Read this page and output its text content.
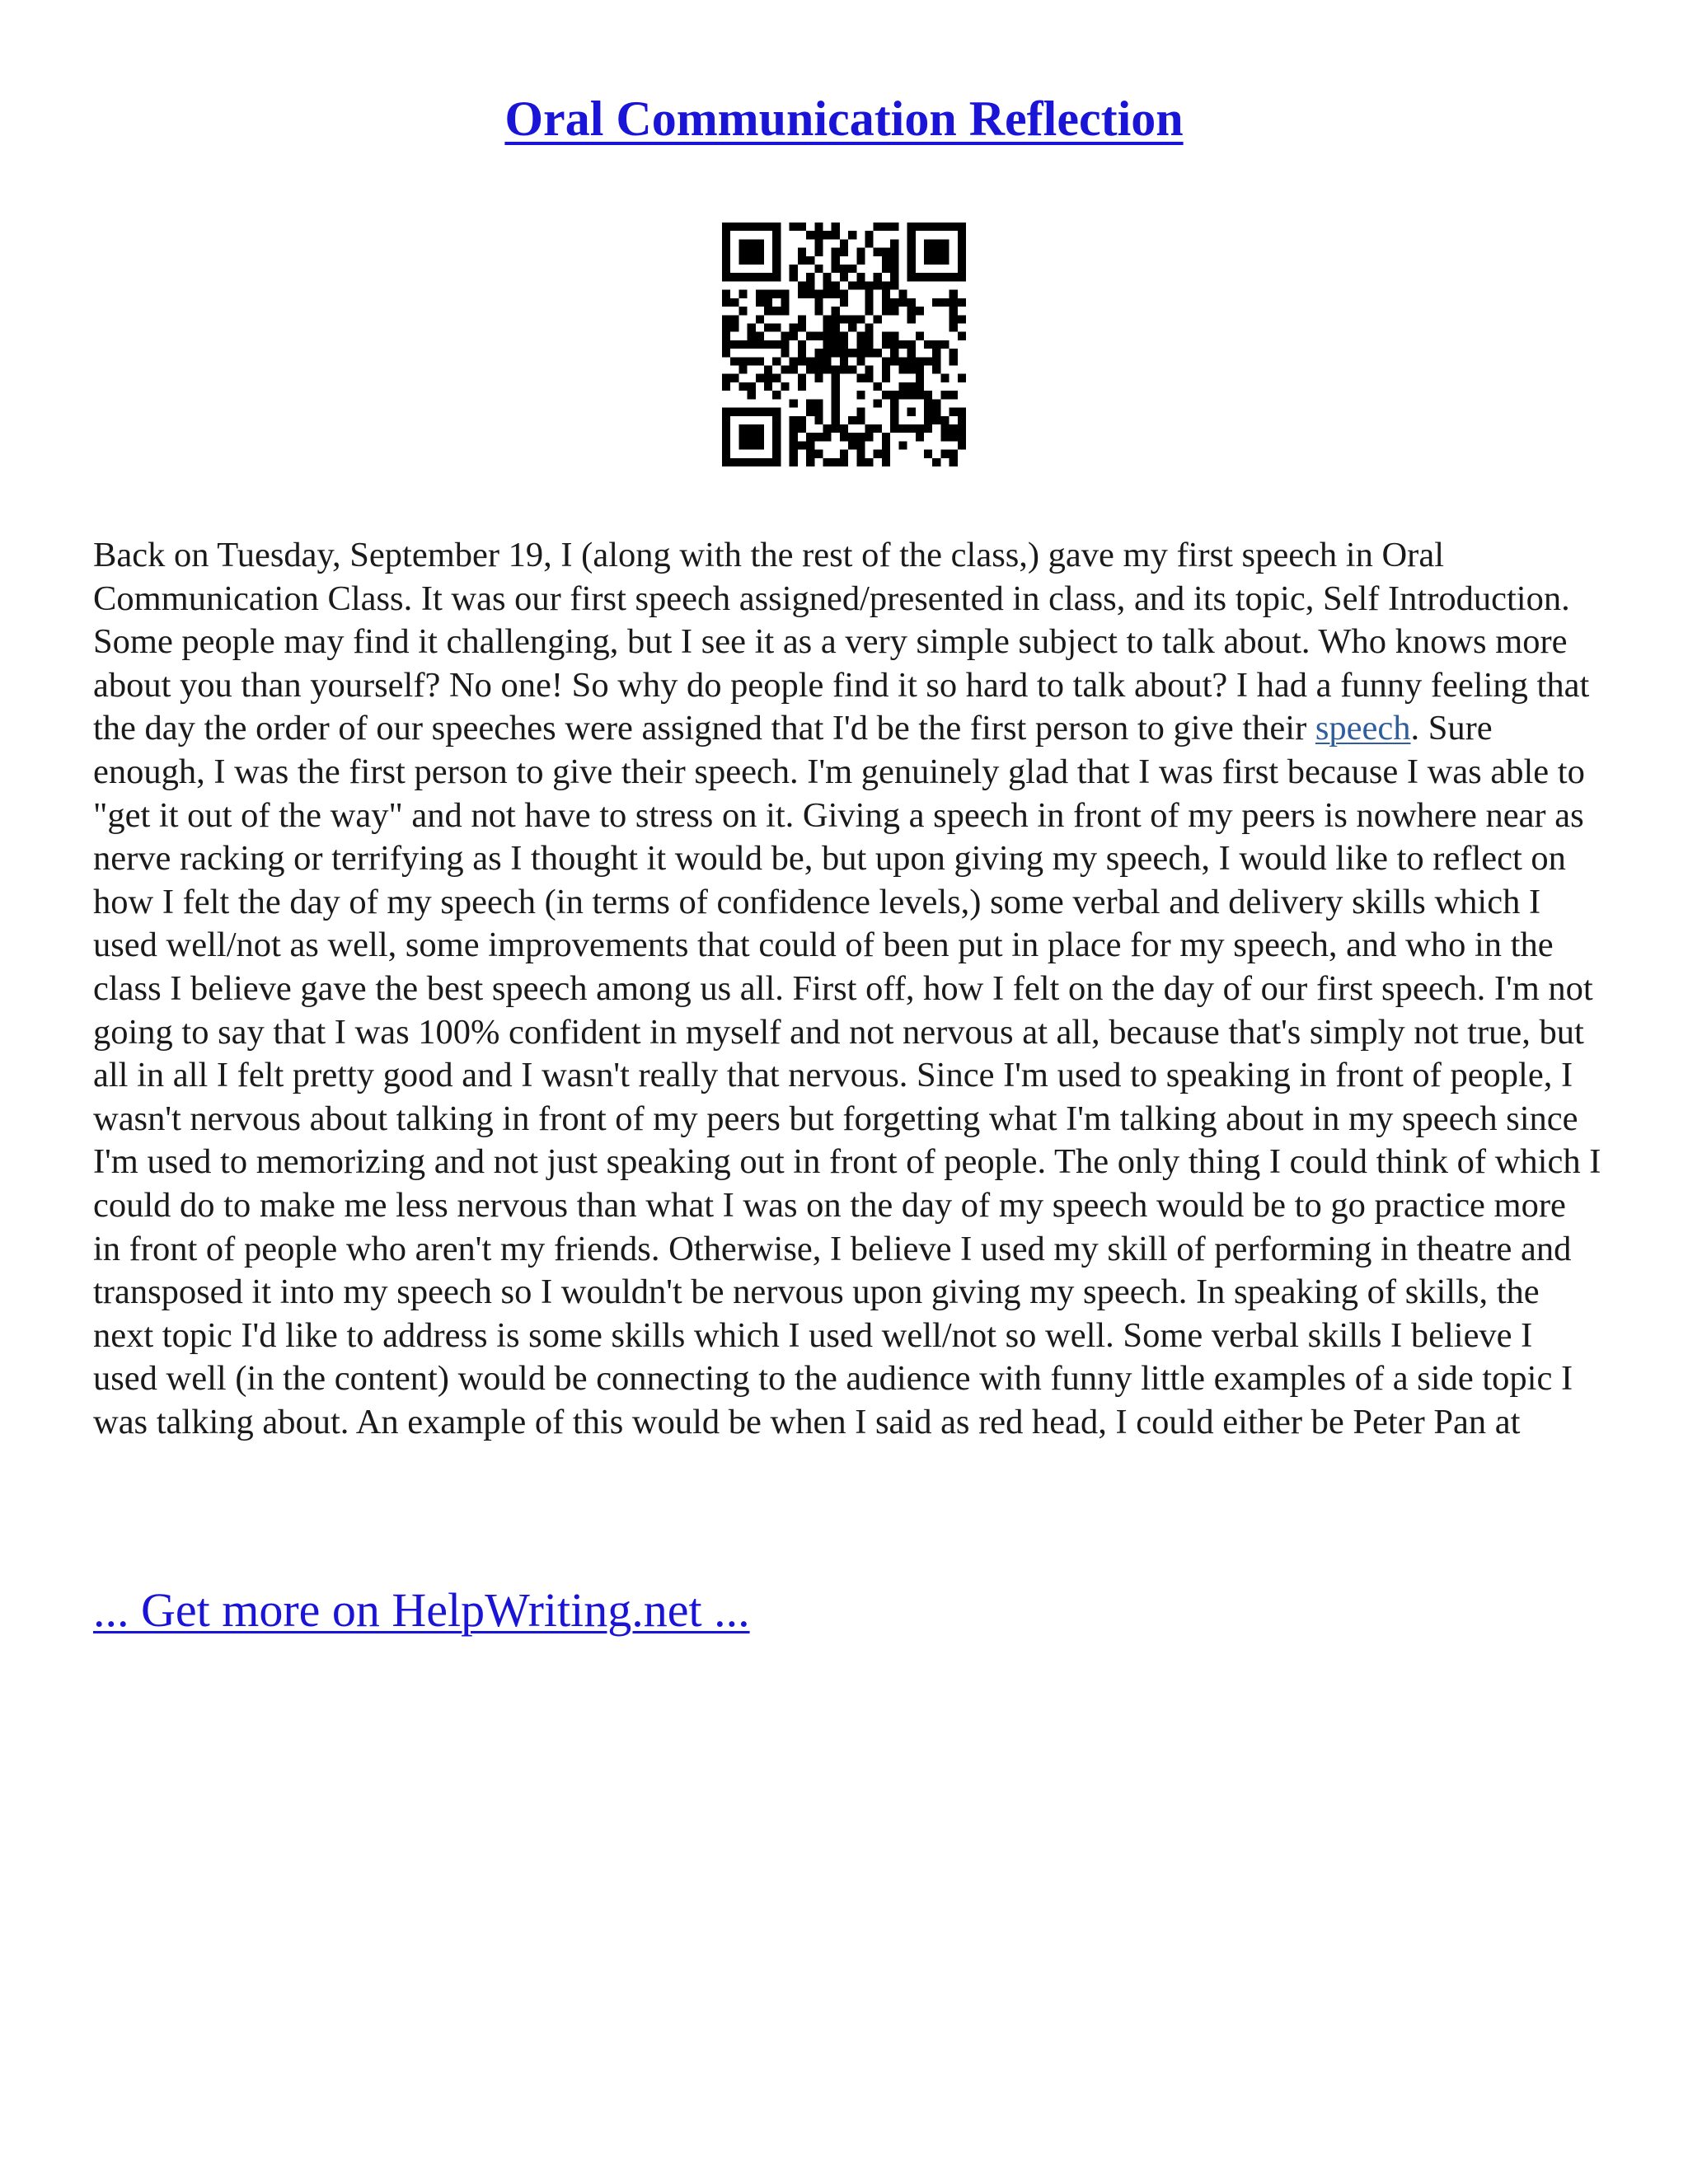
Oral Communication Reflection

Back on Tuesday, September 19, I (along with the rest of the class,) gave my first speech in Oral Communication Class. It was our first speech assigned/presented in class, and its topic, Self Introduction. Some people may find it challenging, but I see it as a very simple subject to talk about. Who knows more about you than yourself? No one! So why do people find it so hard to talk about? I had a funny feeling that the day the order of our speeches were assigned that I'd be the first person to give their speech. Sure enough, I was the first person to give their speech. I'm genuinely glad that I was first because I was able to "get it out of the way" and not have to stress on it. Giving a speech in front of my peers is nowhere near as nerve racking or terrifying as I thought it would be, but upon giving my speech, I would like to reflect on how I felt the day of my speech (in terms of confidence levels,) some verbal and delivery skills which I used well/not as well, some improvements that could of been put in place for my speech, and who in the class I believe gave the best speech among us all. First off, how I felt on the day of our first speech. I'm not going to say that I was 100% confident in myself and not nervous at all, because that's simply not true, but all in all I felt pretty good and I wasn't really that nervous. Since I'm used to speaking in front of people, I wasn't nervous about talking in front of my peers but forgetting what I'm talking about in my speech since I'm used to memorizing and not just speaking out in front of people. The only thing I could think of which I could do to make me less nervous than what I was on the day of my speech would be to go practice more in front of people who aren't my friends. Otherwise, I believe I used my skill of performing in theatre and transposed it into my speech so I wouldn't be nervous upon giving my speech. In speaking of skills, the next topic I'd like to address is some skills which I used well/not so well. Some verbal skills I believe I used well (in the content) would be connecting to the audience with funny little examples of a side topic I was talking about. An example of this would be when I said as red head, I could either be Peter Pan at

... Get more on HelpWriting.net ...
